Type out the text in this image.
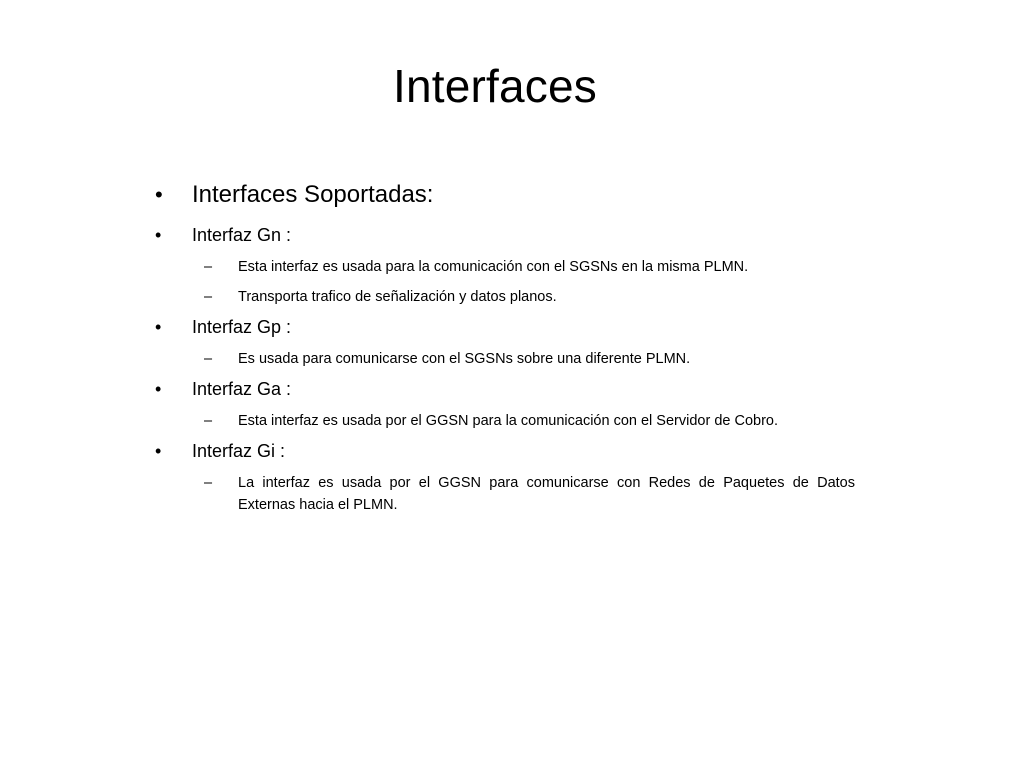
Interfaces
• Interfaces Soportadas:
• Interfaz Gn :
– Esta interfaz es usada para la comunicación con el SGSNs en la misma PLMN.
– Transporta trafico de señalización y datos planos.
• Interfaz Gp :
– Es usada para comunicarse con el SGSNs sobre una diferente PLMN.
• Interfaz Ga :
– Esta interfaz es usada por el GGSN para la comunicación con el Servidor de Cobro.
• Interfaz Gi :
– La interfaz es usada por el GGSN para comunicarse con Redes de Paquetes de Datos Externas hacia el PLMN.
